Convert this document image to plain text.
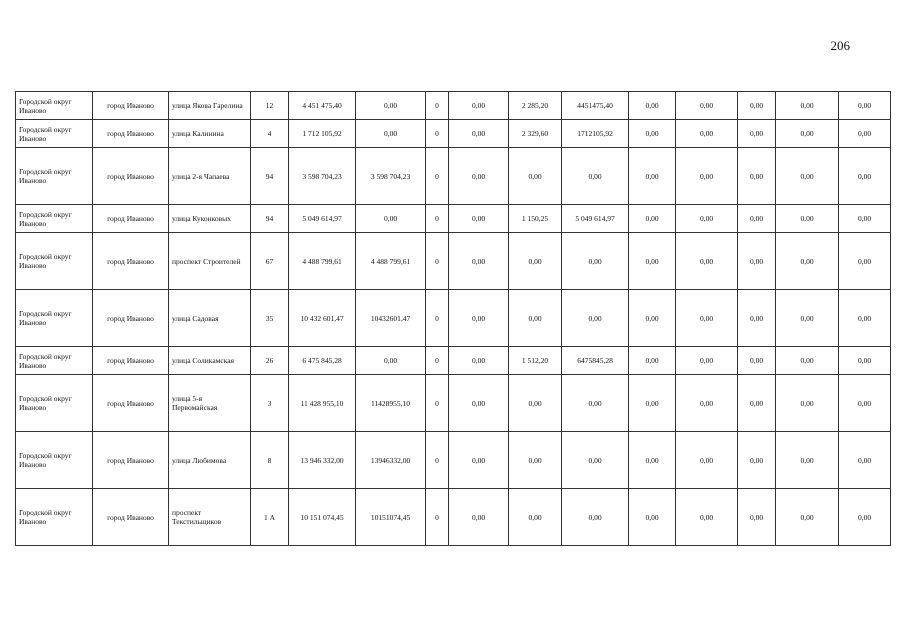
206
Городской округ Иваново	город Иваново	улица Якова Гарелина	12	4 451 475,40	0,00	0	0,00	2 285,20	4451475,40	0,00	0,00	0,00	0,00	0,00
Городской округ Иваново	город Иваново	улица Калинина	4	1 712 105,92	0,00	0	0,00	2 329,60	1712105,92	0,00	0,00	0,00	0,00	0,00
Городской округ Иваново	город Иваново	улица 2-я Чапаева	94	3 598 704,23	3 598 704,23	0	0,00	0,00	0,00	0,00	0,00	0,00	0,00	0,00
Городской округ Иваново	город Иваново	улица Куконковых	94	5 049 614,97	0,00	0	0,00	1 150,25	5 049 614,97	0,00	0,00	0,00	0,00	0,00
Городской округ Иваново	город Иваново	проспект Строителей	67	4 488 799,61	4 488 799,61	0	0,00	0,00	0,00	0,00	0,00	0,00	0,00	0,00
Городской округ Иваново	город Иваново	улица Садовая	35	10 432 601,47	10432601,47	0	0,00	0,00	0,00	0,00	0,00	0,00	0,00	0,00
Городской округ Иваново	город Иваново	улица Соликамская	26	6 475 845,28	0,00	0	0,00	1 512,20	6475845,28	0,00	0,00	0,00	0,00	0,00
Городской округ Иваново	город Иваново	улица 5-я Первомайская	3	11 428 955,10	11428955,10	0	0,00	0,00	0,00	0,00	0,00	0,00	0,00	0,00
Городской округ Иваново	город Иваново	улица Любимова	8	13 946 332,00	13946332,00	0	0,00	0,00	0,00	0,00	0,00	0,00	0,00	0,00
Городской округ Иваново	город Иваново	проспект Текстильщиков	1 А	10 151 074,45	10151074,45	0	0,00	0,00	0,00	0,00	0,00	0,00	0,00	0,00
